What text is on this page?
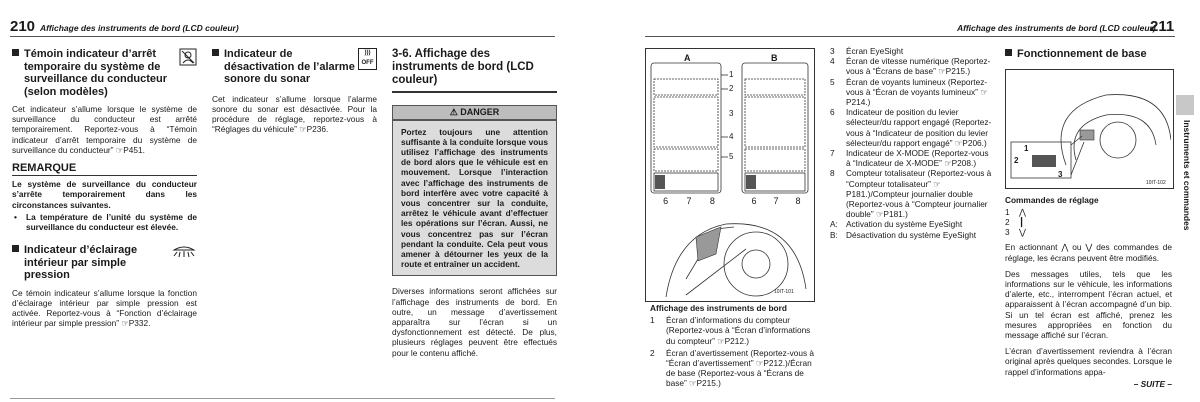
210 Affichage des instruments de bord (LCD couleur)
Témoin indicateur d’arrêt temporaire du système de surveillance du conducteur (selon modèles)

Cet indicateur s’allume lorsque le système de surveillance du conducteur est arrêté temporairement. Reportez-vous à “Témoin indicateur d’arrêt temporaire du système de surveillance du conducteur” ☞P451.

REMARQUE

Le système de surveillance du conducteur s’arrête temporairement dans les circonstances suivantes.

•	La température de l’unité du système de surveillance du conducteur est élevée.
Indicateur d’éclairage intérieur par simple pression

Ce témoin indicateur s’allume lorsque la fonction d’éclairage intérieur par simple pression est activée. Reportez-vous à “Fonction d’éclairage intérieur par simple pression” ☞P332.

Indicateur de désactivation de l’alarme sonore du sonar
)))
OFF

Cet indicateur s’allume lorsque l’alarme sonore du sonar est désactivée. Pour la procédure de réglage, reportez-vous à “Réglages du véhicule” ☞P236.

3-6. Affichage des instruments de bord (LCD couleur)
⚠ DANGER
Portez toujours une attention suffisante à la conduite lorsque vous utilisez l’affichage des instruments de bord alors que le véhicule est en mouvement. Lorsque l’interaction avec l’affichage des instruments de bord interfère avec votre capacité à vous concentrer sur la conduite, arrêtez le véhicule avant d’effectuer les opérations sur l’écran. Aussi, ne vous concentrez pas sur l’écran pendant la conduite. Cela peut vous amener à détourner les yeux de la route et entraîner un accident.

Diverses informations seront affichées sur l’affichage des instruments de bord. En outre, un message d’avertissement apparaîtra sur l’écran si un dysfonctionnement est détecté. De plus, plusieurs réglages peuvent être effectués pour le contenu affiché.

Affichage des instruments de bord (LCD couleur)
211
Instruments et commandes
A	B
1
2
3
4
5
6 7 8	6 7 8
10IT-101
Affichage des instruments de bord
1	Écran d’informations du compteur (Reportez-vous à “Écran d’informations du compteur” ☞P212.)
2	Écran d’avertissement (Reportez-vous à “Écran d’avertissement” ☞P212.)/Écran de base (Reportez-vous à “Écrans de base” ☞P215.)
3	Écran EyeSight
4	Écran de vitesse numérique (Reportez-vous à “Écrans de base” ☞P215.)
5	Écran de voyants lumineux (Reportez-vous à “Écran de voyants lumineux” ☞P214.)
6	Indicateur de position du levier sélecteur/du rapport engagé (Reportez-vous à “Indicateur de position du levier sélecteur/du rapport engagé” ☞P206.)
7	Indicateur de X-MODE (Reportez-vous à “Indicateur de X-MODE” ☞P208.)
8	Compteur totalisateur (Reportez-vous à “Compteur totalisateur” ☞P181.)/Compteur journalier double (Reportez-vous à “Compteur journalier double” ☞P181.)
A: Activation du système EyeSight
B: Désactivation du système EyeSight
Fonctionnement de base
1
2
3
10IT-102
Commandes de réglage
1	⋀
2	┃
3	⋁

En actionnant ⋀ ou ⋁ des commandes de réglage, les écrans peuvent être modifiés.

Des messages utiles, tels que les informations sur le véhicule, les informations d’alerte, etc., interrompent l’écran actuel, et apparaissent à l’écran accompagné d’un bip. Si un tel écran est affiché, prenez les mesures appropriées en fonction du message affiché sur l’écran.

L’écran d’avertissement reviendra à l’écran original après quelques secondes. Lorsque le rappel d’informations appa-

– SUITE –
